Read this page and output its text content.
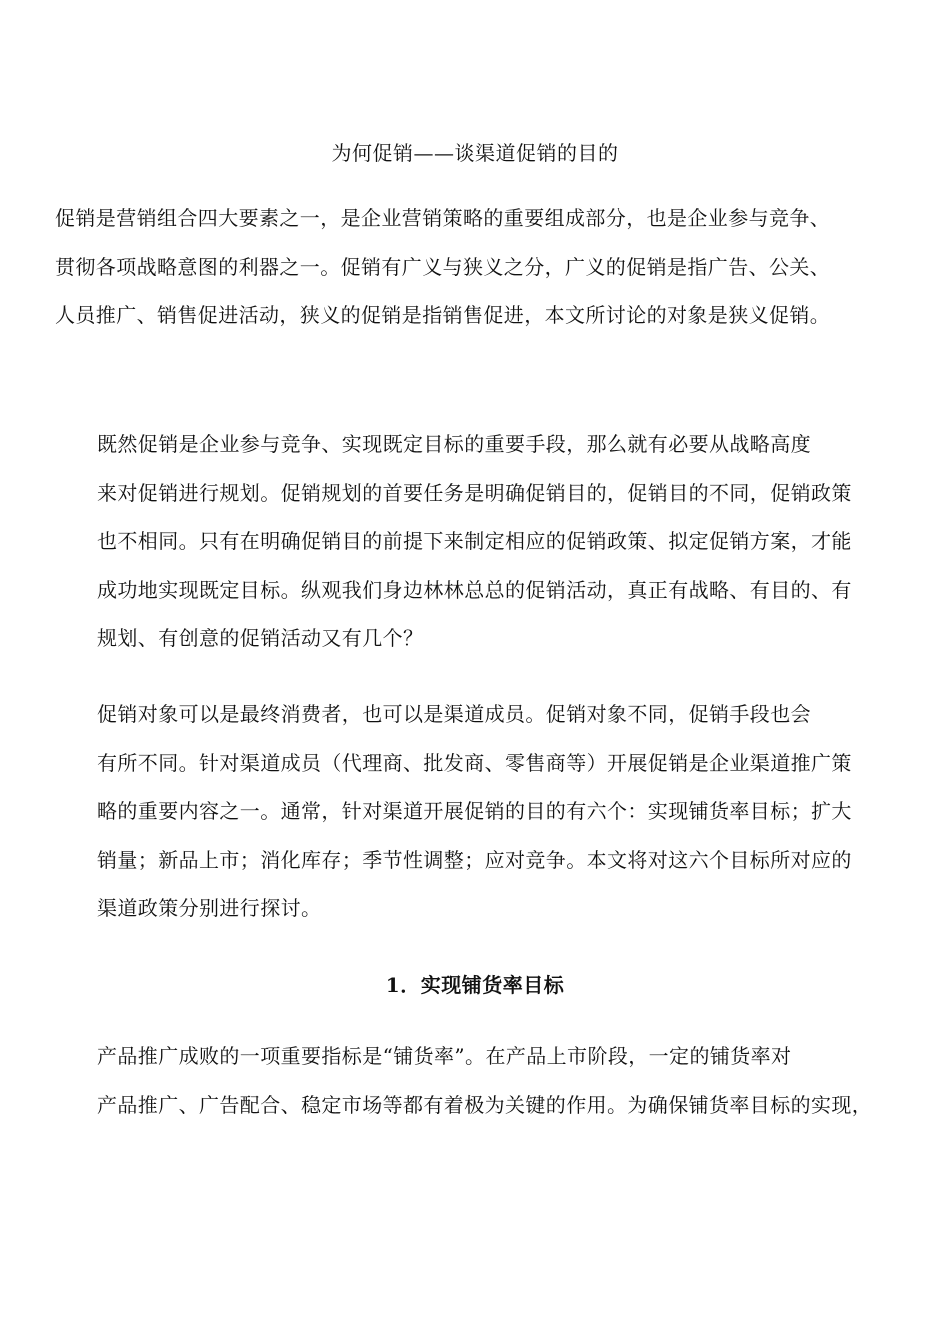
为何促销——谈渠道促销的目的

促销是营销组合四大要素之一，是企业营销策略的重要组成部分，也是企业参与竞争、
贯彻各项战略意图的利器之一。促销有广义与狭义之分，广义的促销是指广告、公关、
人员推广、销售促进活动，狭义的促销是指销售促进，本文所讨论的对象是狭义促销。

既然促销是企业参与竞争、实现既定目标的重要手段，那么就有必要从战略高度
来对促销进行规划。促销规划的首要任务是明确促销目的，促销目的不同，促销政策
也不相同。只有在明确促销目的前提下来制定相应的促销政策、拟定促销方案，才能
成功地实现既定目标。纵观我们身边林林总总的促销活动，真正有战略、有目的、有
规划、有创意的促销活动又有几个？

促销对象可以是最终消费者，也可以是渠道成员。促销对象不同，促销手段也会
有所不同。针对渠道成员（代理商、批发商、零售商等）开展促销是企业渠道推广策
略的重要内容之一。通常，针对渠道开展促销的目的有六个：实现铺货率目标；扩大
销量；新品上市；消化库存；季节性调整；应对竞争。本文将对这六个目标所对应的
渠道政策分别进行探讨。

1．实现铺货率目标

产品推广成败的一项重要指标是“铺货率”。在产品上市阶段，一定的铺货率对
产品推广、广告配合、稳定市场等都有着极为关键的作用。为确保铺货率目标的实现，
